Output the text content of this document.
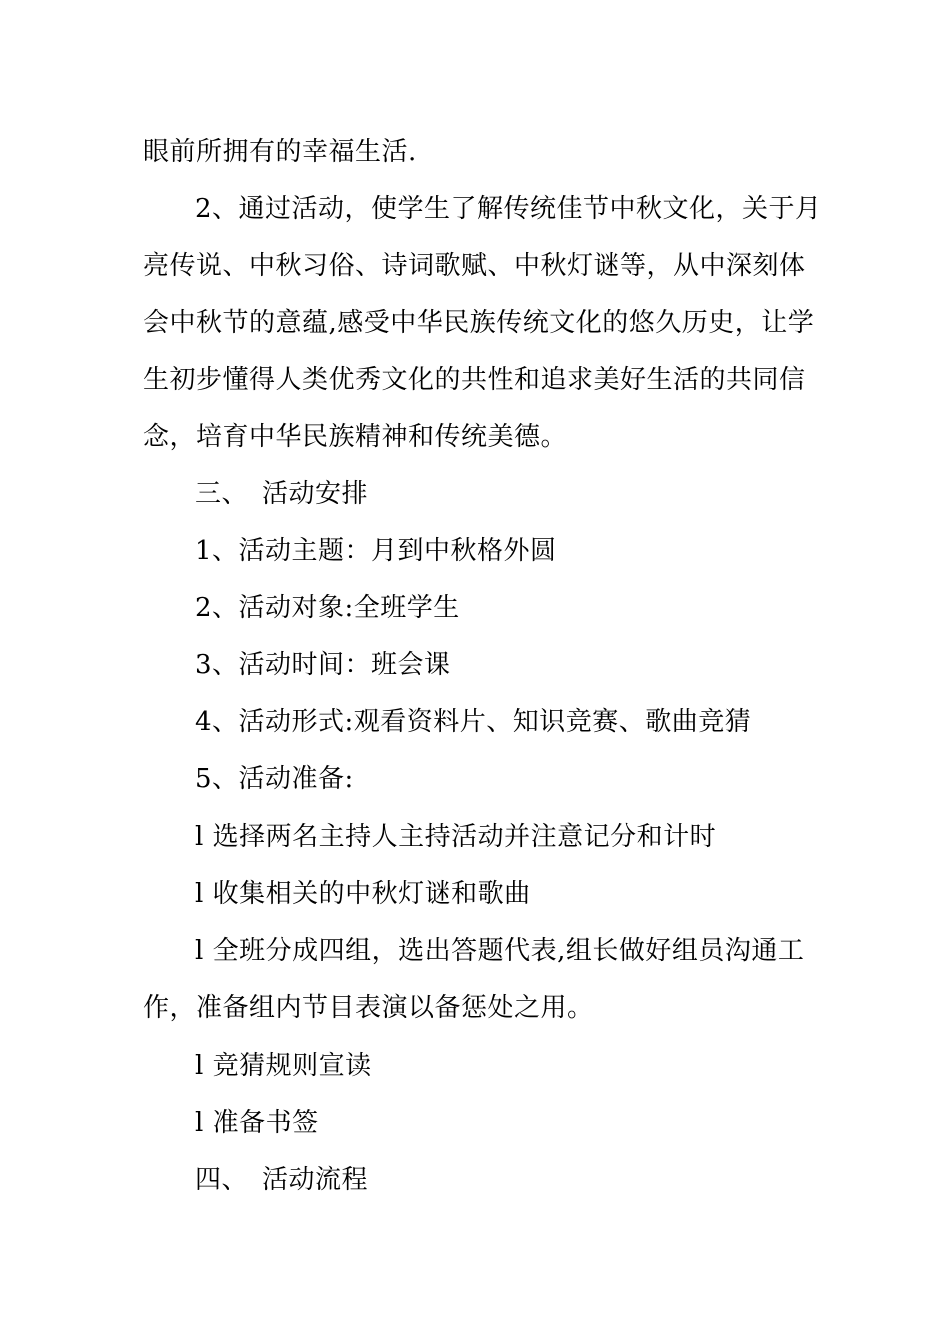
眼前所拥有的幸福生活.
2、通过活动，使学生了解传统佳节中秋文化，关于月
亮传说、中秋习俗、诗词歌赋、中秋灯谜等，从中深刻体
会中秋节的意蕴,感受中华民族传统文化的悠久历史，让学
生初步懂得人类优秀文化的共性和追求美好生活的共同信
念，培育中华民族精神和传统美德。
三、 活动安排
1、活动主题：月到中秋格外圆
2、活动对象:全班学生
3、活动时间：班会课
4、活动形式:观看资料片、知识竞赛、歌曲竞猜
5、活动准备:
l 选择两名主持人主持活动并注意记分和计时
l 收集相关的中秋灯谜和歌曲
l 全班分成四组，选出答题代表,组长做好组员沟通工
作，准备组内节目表演以备惩处之用。
l 竞猜规则宣读
l 准备书签
四、 活动流程
